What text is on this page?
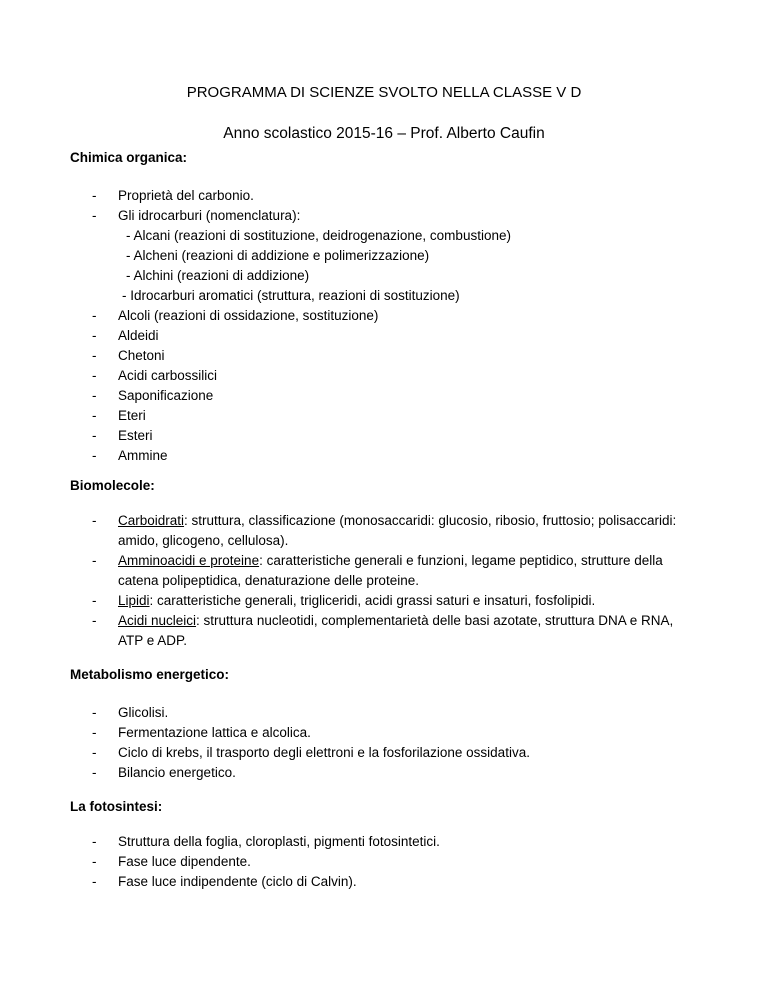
PROGRAMMA DI SCIENZE SVOLTO NELLA CLASSE V D
Anno scolastico 2015-16 – Prof. Alberto Caufin
Chimica organica:
- Proprietà del carbonio.
- Gli idrocarburi (nomenclatura):
- Alcani (reazioni di sostituzione, deidrogenazione, combustione)
- Alcheni (reazioni di addizione e polimerizzazione)
- Alchini (reazioni di addizione)
- Idrocarburi aromatici (struttura, reazioni di sostituzione)
- Alcoli (reazioni di ossidazione, sostituzione)
- Aldeidi
- Chetoni
- Acidi carbossilici
- Saponificazione
- Eteri
- Esteri
- Ammine
Biomolecole:
- Carboidrati: struttura, classificazione (monosaccaridi: glucosio, ribosio, fruttosio; polisaccaridi: amido, glicogeno, cellulosa).
- Amminoacidi e proteine: caratteristiche generali e funzioni, legame peptidico, strutture della catena polipeptidica, denaturazione delle proteine.
- Lipidi: caratteristiche generali, trigliceridi, acidi grassi saturi e insaturi, fosfolipidi.
- Acidi nucleici: struttura nucleotidi, complementarietà delle basi azotate, struttura DNA e RNA, ATP e ADP.
Metabolismo energetico:
- Glicolisi.
- Fermentazione lattica e alcolica.
- Ciclo di krebs, il trasporto degli elettroni e la fosforilazione ossidativa.
- Bilancio energetico.
La fotosintesi:
- Struttura della foglia, cloroplasti, pigmenti fotosintetici.
- Fase luce dipendente.
- Fase luce indipendente (ciclo di Calvin).
